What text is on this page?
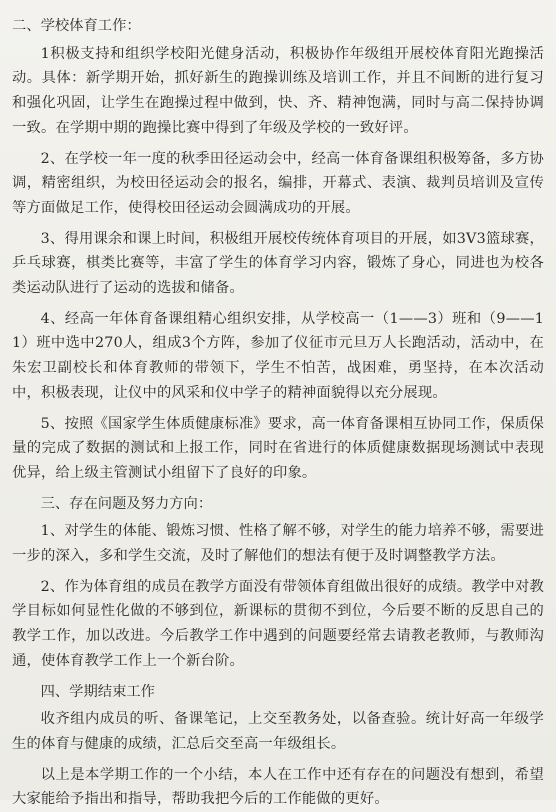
二、学校体育工作：

1积极支持和组织学校阳光健身活动，积极协作年级组开展校体育阳光跑操活动。具体：新学期开始，抓好新生的跑操训练及培训工作，并且不间断的进行复习和强化巩固，让学生在跑操过程中做到，快、齐、精神饱满，同时与高二保持协调一致。在学期中期的跑操比赛中得到了年级及学校的一致好评。

2、在学校一年一度的秋季田径运动会中，经高一体育备课组积极筹备，多方协调，精密组织，为校田径运动会的报名，编排，开幕式、表演、裁判员培训及宣传等方面做足工作，使得校田径运动会圆满成功的开展。

3、得用课余和课上时间，积极组开展校传统体育项目的开展，如3V3篮球赛，乒乓球赛，棋类比赛等，丰富了学生的体育学习内容，锻炼了身心，同进也为校各类运动队进行了运动的选拔和储备。

4、经高一年体育备课组精心组织安排，从学校高一（1——3）班和（9——11）班中选中270人，组成3个方阵，参加了仪征市元旦万人长跑活动，活动中，在朱宏卫副校长和体育教师的带领下，学生不怕苦，战困难，勇坚持，在本次活动中，积极表现，让仪中的风采和仪中学子的精神面貌得以充分展现。

5、按照《国家学生体质健康标准》要求，高一体育备课相互协同工作，保质保量的完成了数据的测试和上报工作，同时在省进行的体质健康数据现场测试中表现优异，给上级主管测试小组留下了良好的印象。

三、存在问题及努力方向：

1、对学生的体能、锻炼习惯、性格了解不够，对学生的能力培养不够，需要进一步的深入，多和学生交流，及时了解他们的想法有便于及时调整教学方法。

2、作为体育组的成员在教学方面没有带领体育组做出很好的成绩。教学中对教学目标如何显性化做的不够到位，新课标的贯彻不到位，今后要不断的反思自己的教学工作，加以改进。今后教学工作中遇到的问题要经常去请教老教师，与教师沟通，使体育教学工作上一个新台阶。

四、学期结束工作

收齐组内成员的听、备课笔记，上交至教务处，以备查验。统计好高一年级学生的体育与健康的成绩，汇总后交至高一年级组长。

以上是本学期工作的一个小结，本人在工作中还有存在的问题没有想到，希望大家能给予指出和指导，帮助我把今后的工作能做的更好。
